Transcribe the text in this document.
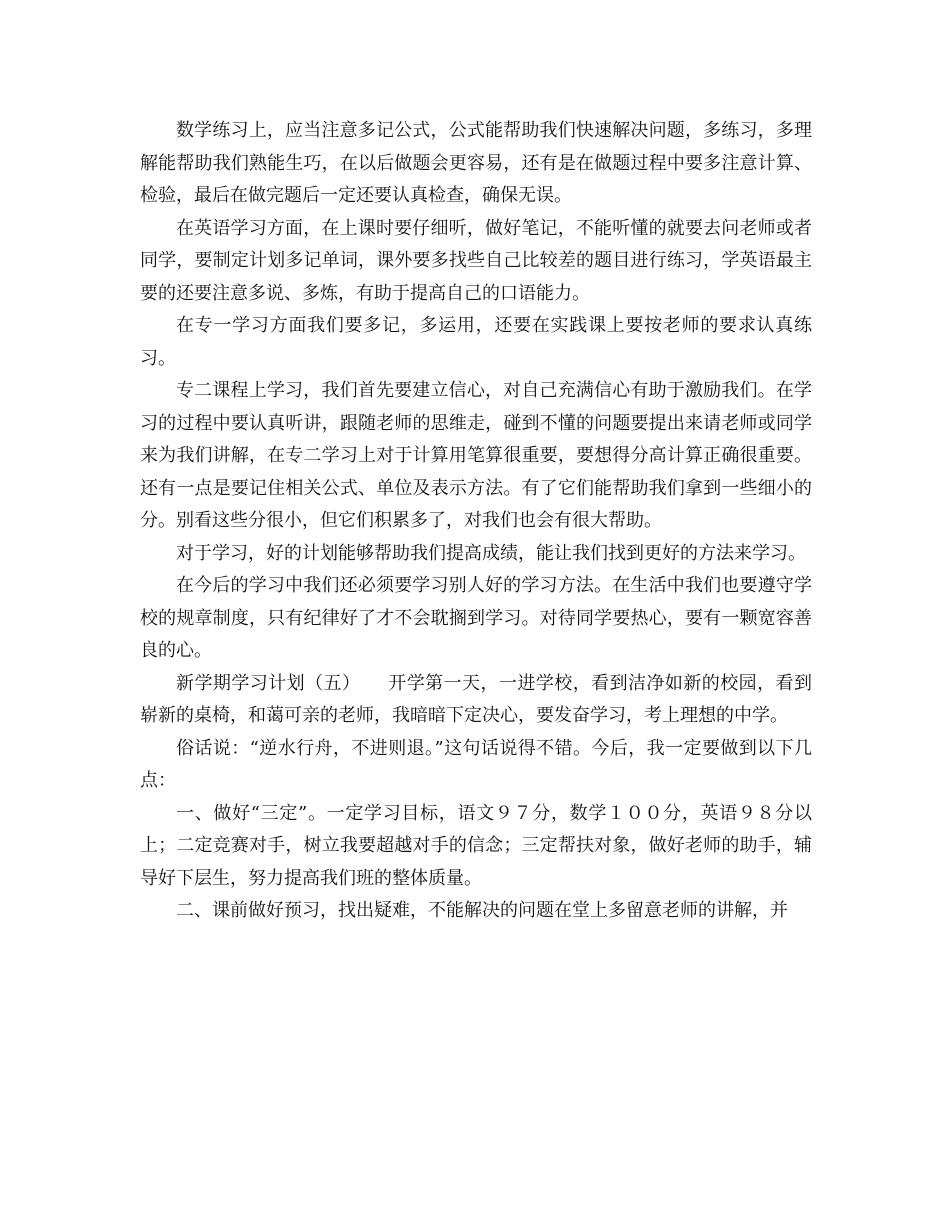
数学练习上，应当注意多记公式，公式能帮助我们快速解决问题，多练习，多理解能帮助我们熟能生巧，在以后做题会更容易，还有是在做题过程中要多注意计算、检验，最后在做完题后一定还要认真检查，确保无误。

在英语学习方面，在上课时要仔细听，做好笔记，不能听懂的就要去问老师或者同学，要制定计划多记单词，课外要多找些自己比较差的题目进行练习，学英语最主要的还要注意多说、多炼，有助于提高自己的口语能力。

在专一学习方面我们要多记，多运用，还要在实践课上要按老师的要求认真练习。

专二课程上学习，我们首先要建立信心，对自己充满信心有助于激励我们。在学习的过程中要认真听讲，跟随老师的思维走，碰到不懂的问题要提出来请老师或同学来为我们讲解，在专二学习上对于计算用笔算很重要，要想得分高计算正确很重要。还有一点是要记住相关公式、单位及表示方法。有了它们能帮助我们拿到一些细小的分。别看这些分很小，但它们积累多了，对我们也会有很大帮助。

对于学习，好的计划能够帮助我们提高成绩，能让我们找到更好的方法来学习。

在今后的学习中我们还必须要学习别人好的学习方法。在生活中我们也要遵守学校的规章制度，只有纪律好了才不会耽搁到学习。对待同学要热心，要有一颗宽容善良的心。

新学期学习计划（五）　　开学第一天，一进学校，看到洁净如新的校园，看到崭新的桌椅，和蔼可亲的老师，我暗暗下定决心，要发奋学习，考上理想的中学。

俗话说：“逆水行舟，不进则退。”这句话说得不错。今后，我一定要做到以下几点：

一、做好“三定”。一定学习目标，语文９７分，数学１００分，英语９８分以上；二定竞赛对手，树立我要超越对手的信念；三定帮扶对象，做好老师的助手，辅导好下层生，努力提高我们班的整体质量。

二、课前做好预习，找出疑难，不能解决的问题在堂上多留意老师的讲解，并
